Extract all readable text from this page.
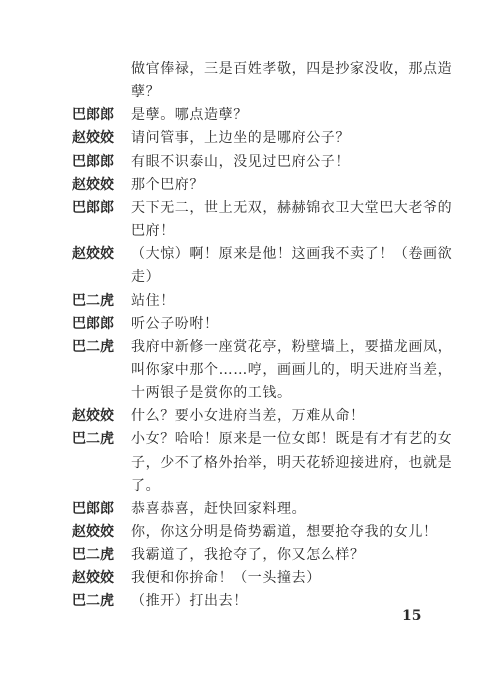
做官俸禄，三是百姓孝敬，四是抄家没收，那点造
孽？
巴郎郎	是孽。哪点造孽？
赵姣姣	请问管事，上边坐的是哪府公子？
巴郎郎	有眼不识泰山，没见过巴府公子！
赵姣姣	那个巴府？
巴郎郎	天下无二，世上无双，赫赫锦衣卫大堂巴大老爷的
巴府！
赵姣姣	（大惊）啊！原来是他！这画我不卖了！（卷画欲
走）
巴二虎	站住！
巴郎郎	听公子吩咐！
巴二虎	我府中新修一座赏花亭，粉壁墙上，要描龙画凤，
叫你家中那个……哼，画画儿的，明天进府当差，
十两银子是赏你的工钱。
赵姣姣	什么？要小女进府当差，万难从命！
巴二虎	小女？哈哈！原来是一位女郎！既是有才有艺的女
子，少不了格外抬举，明天花轿迎接进府，也就是
了。
巴郎郎	恭喜恭喜，赶快回家料理。
赵姣姣	你，你这分明是倚势霸道，想要抢夺我的女儿！
巴二虎	我霸道了，我抢夺了，你又怎么样？
赵姣姣	我便和你拚命！（一头撞去）
巴二虎	（推开）打出去！
15
